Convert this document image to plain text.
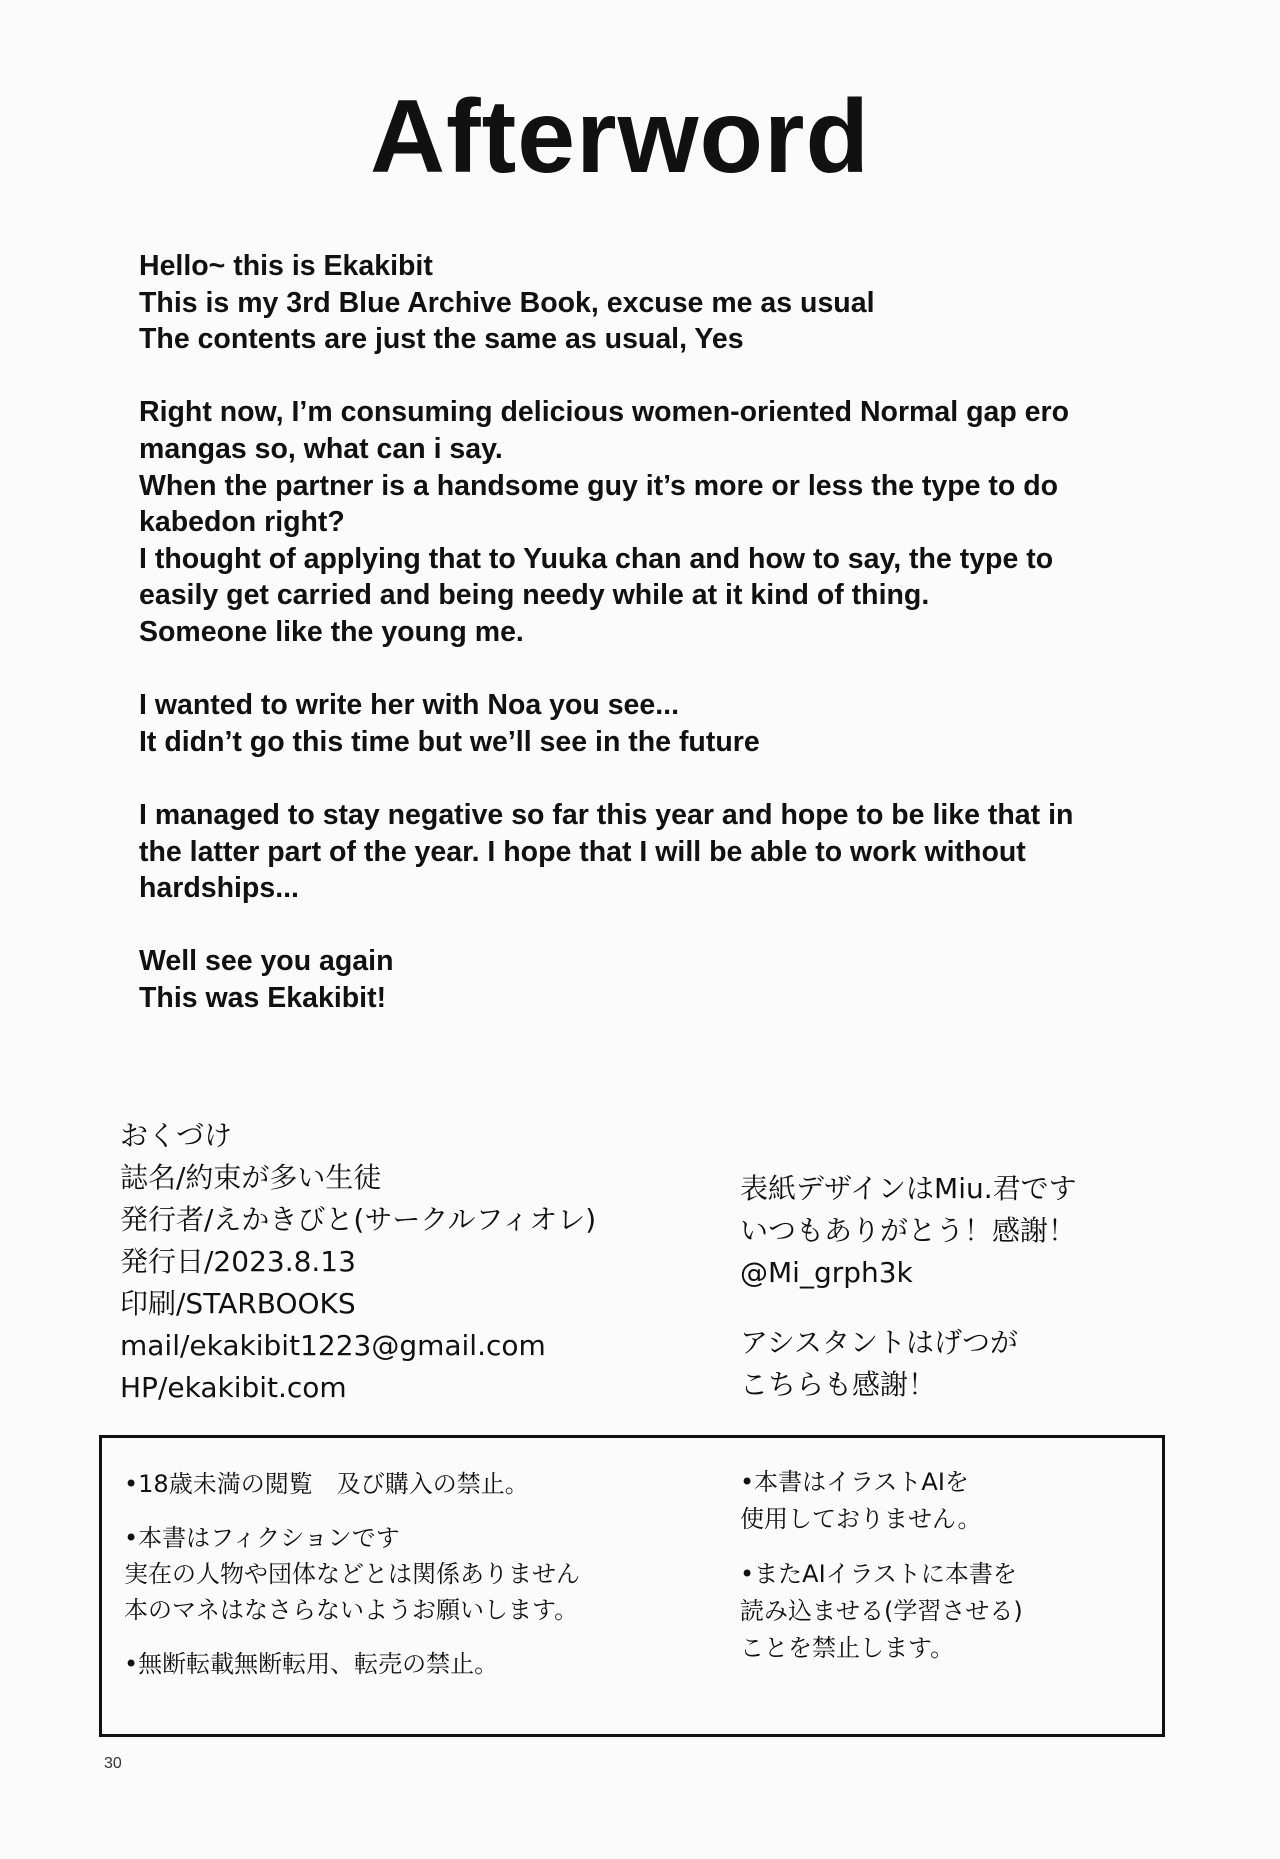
Afterword

Hello~ this is Ekakibit
This is my 3rd Blue Archive Book, excuse me as usual
The contents are just the same as usual, Yes

Right now, I’m consuming delicious women-oriented Normal gap ero
mangas so, what can i say.
When the partner is a handsome guy it’s more or less the type to do
kabedon right?
I thought of applying that to Yuuka chan and how to say, the type to
easily get carried and being needy while at it kind of thing.
Someone like the young me.

I wanted to write her with Noa you see...
It didn’t go this time but we’ll see in the future

I managed to stay negative so far this year and hope to be like that in
the latter part of the year. I hope that I will be able to work without
hardships...

Well see you again
This was Ekakibit!

おくづけ
誌名/約束が多い生徒
発行者/えかきびと(サークルフィオレ)
発行日/2023.8.13
印刷/STARBOOKS
mail/ekakibit1223@gmail.com
HP/ekakibit.com
表紙デザインはMiu.君です
いつもありがとう！感謝！
@Mi_grph3k
アシスタントはげつが
こちらも感謝！
•18歳未満の閲覧　及び購入の禁止。
•本書はフィクションです
実在の人物や団体などとは関係ありません
本のマネはなさらないようお願いします。
•無断転載無断転用、転売の禁止。
•本書はイラストAIを
使用しておりません。
•またAIイラストに本書を
読み込ませる(学習させる)
ことを禁止します。
30
